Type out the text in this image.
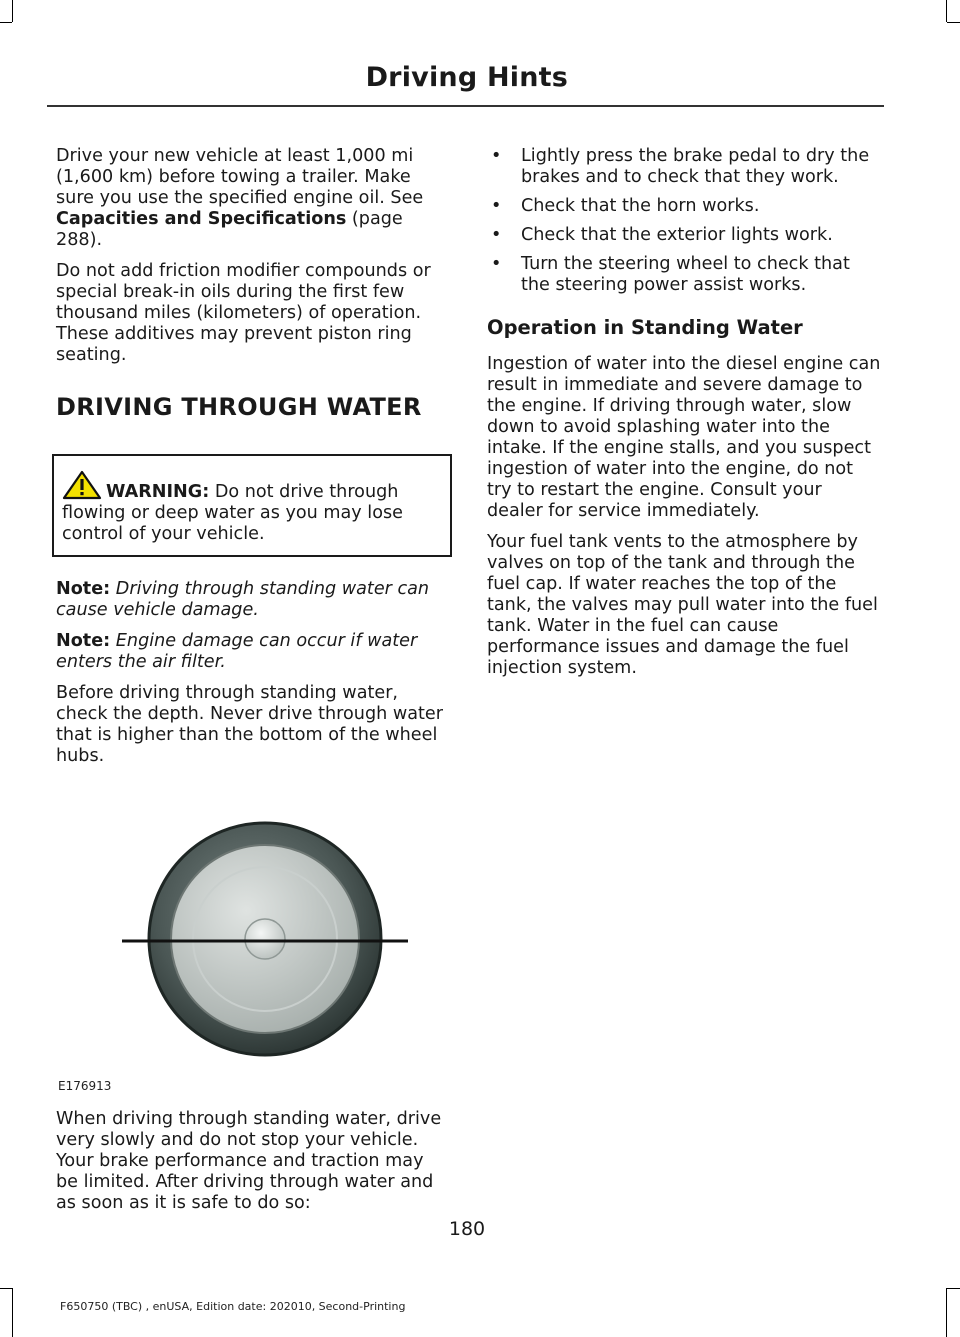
Driving Hints

Drive your new vehicle at least 1,000 mi (1,600 km) before towing a trailer. Make sure you use the specified engine oil. See Capacities and Specifications (page 288).

Do not add friction modifier compounds or special break-in oils during the first few thousand miles (kilometers) of operation. These additives may prevent piston ring seating.

DRIVING THROUGH WATER
WARNING: Do not drive through flowing or deep water as you may lose control of your vehicle.

Note: Driving through standing water can cause vehicle damage.

Note: Engine damage can occur if water enters the air filter.

Before driving through standing water, check the depth. Never drive through water that is higher than the bottom of the wheel hubs.

E176913

When driving through standing water, drive very slowly and do not stop your vehicle. Your brake performance and traction may be limited. After driving through water and as soon as it is safe to do so:

• Lightly press the brake pedal to dry the brakes and to check that they work.
• Check that the horn works.
• Check that the exterior lights work.
• Turn the steering wheel to check that the steering power assist works.
Operation in Standing Water

Ingestion of water into the diesel engine can result in immediate and severe damage to the engine. If driving through water, slow down to avoid splashing water into the intake. If the engine stalls, and you suspect ingestion of water into the engine, do not try to restart the engine. Consult your dealer for service immediately.

Your fuel tank vents to the atmosphere by valves on top of the tank and through the fuel cap. If water reaches the top of the tank, the valves may pull water into the fuel tank. Water in the fuel can cause performance issues and damage the fuel injection system.

180
F650750 (TBC) , enUSA, Edition date: 202010, Second-Printing
